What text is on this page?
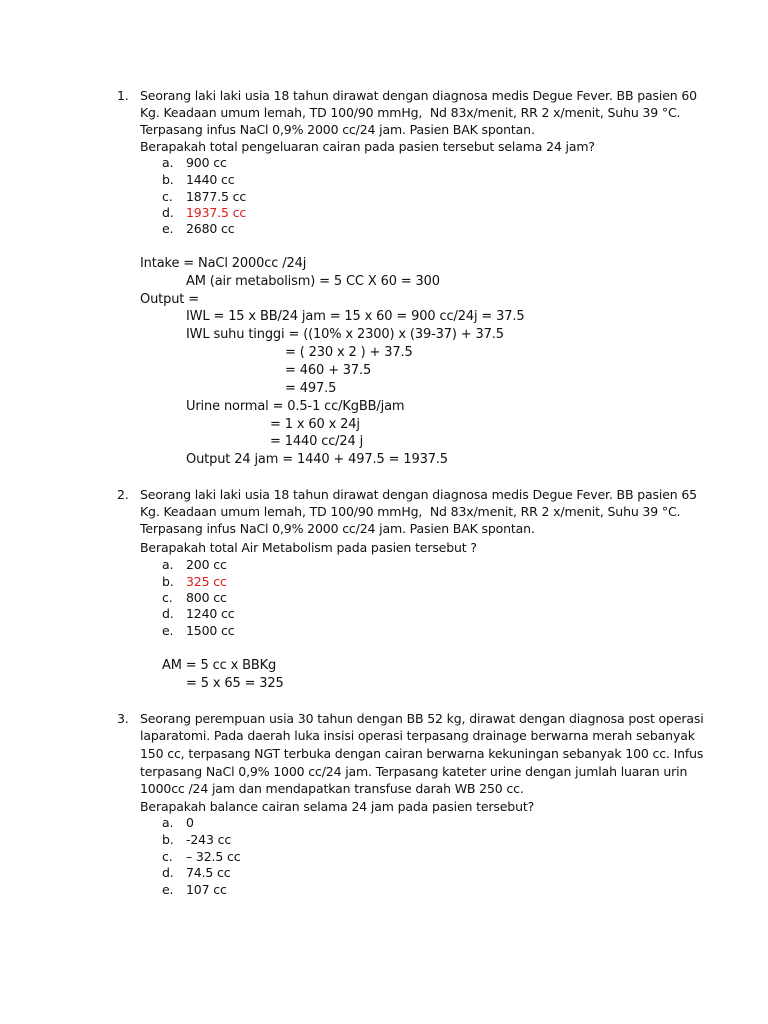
1. Seorang laki laki usia 18 tahun dirawat dengan diagnosa medis Degue Fever. BB pasien 60
Kg. Keadaan umum lemah, TD 100/90 mmHg,  Nd 83x/menit, RR 2 x/menit, Suhu 39 °C.
Terpasang infus NaCl 0,9% 2000 cc/24 jam. Pasien BAK spontan.
Berapakah total pengeluaran cairan pada pasien tersebut selama 24 jam?
a. 900 cc
b. 1440 cc
c. 1877.5 cc
d. 1937.5 cc
e. 2680 cc
Intake = NaCl 2000cc /24j
AM (air metabolism) = 5 CC X 60 = 300
Output =
IWL = 15 x BB/24 jam = 15 x 60 = 900 cc/24j = 37.5
IWL suhu tinggi = ((10% x 2300) x (39-37) + 37.5
= ( 230 x 2 ) + 37.5
= 460 + 37.5
= 497.5
Urine normal = 0.5-1 cc/KgBB/jam
= 1 x 60 x 24j
= 1440 cc/24 j
Output 24 jam = 1440 + 497.5 = 1937.5
2. Seorang laki laki usia 18 tahun dirawat dengan diagnosa medis Degue Fever. BB pasien 65
Kg. Keadaan umum lemah, TD 100/90 mmHg,  Nd 83x/menit, RR 2 x/menit, Suhu 39 °C.
Terpasang infus NaCl 0,9% 2000 cc/24 jam. Pasien BAK spontan.
Berapakah total Air Metabolism pada pasien tersebut ?
a. 200 cc
b. 325 cc
c. 800 cc
d. 1240 cc
e. 1500 cc
AM = 5 cc x BBKg
= 5 x 65 = 325
3. Seorang perempuan usia 30 tahun dengan BB 52 kg, dirawat dengan diagnosa post operasi
laparatomi. Pada daerah luka insisi operasi terpasang drainage berwarna merah sebanyak
150 cc, terpasang NGT terbuka dengan cairan berwarna kekuningan sebanyak 100 cc. Infus
terpasang NaCl 0,9% 1000 cc/24 jam. Terpasang kateter urine dengan jumlah luaran urin
1000cc /24 jam dan mendapatkan transfuse darah WB 250 cc.
Berapakah balance cairan selama 24 jam pada pasien tersebut?
a. 0
b. -243 cc
c. – 32.5 cc
d. 74.5 cc
e. 107 cc
